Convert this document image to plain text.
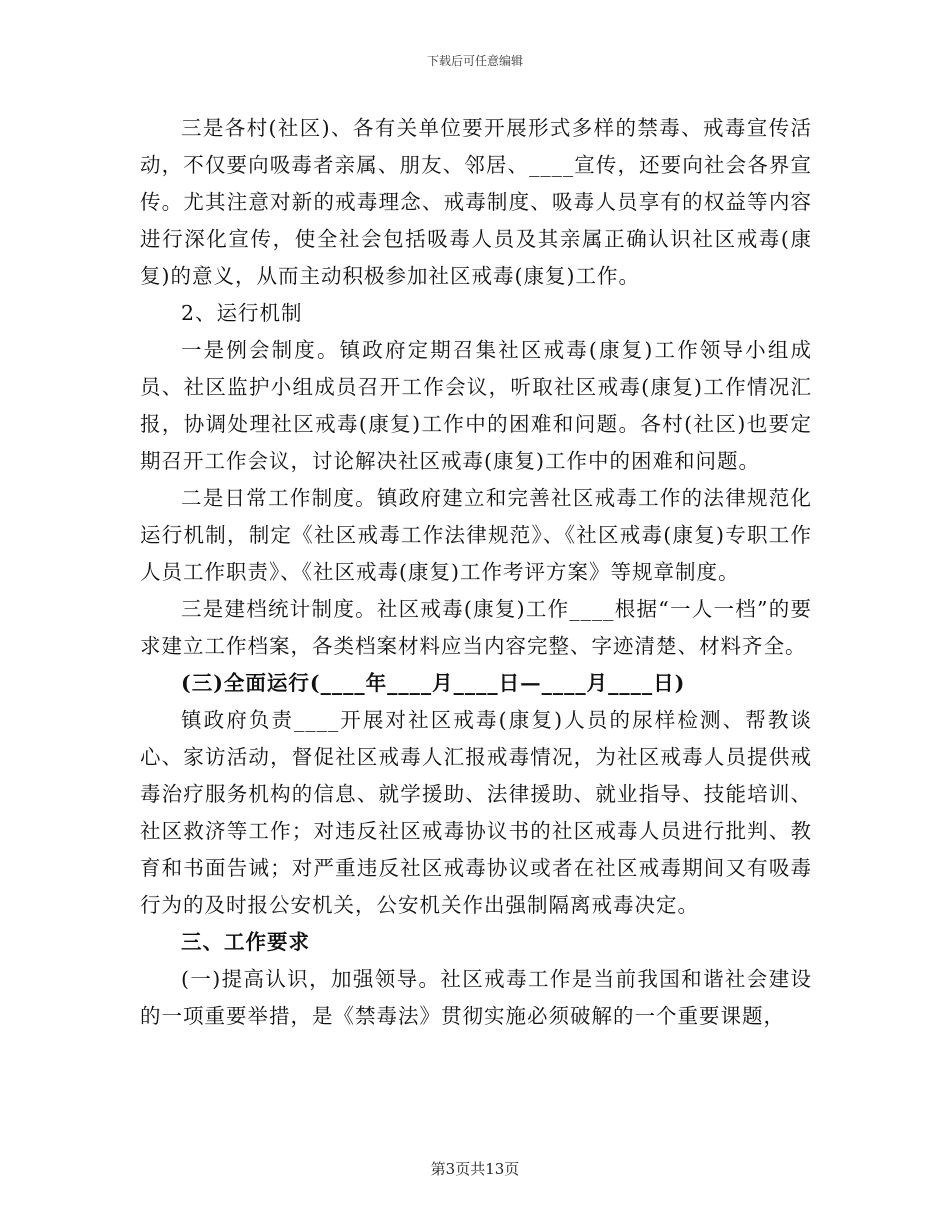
下载后可任意编辑

三是各村(社区)、各有关单位要开展形式多样的禁毒、戒毒宣传活动，不仅要向吸毒者亲属、朋友、邻居、____宣传，还要向社会各界宣传。尤其注意对新的戒毒理念、戒毒制度、吸毒人员享有的权益等内容进行深化宣传，使全社会包括吸毒人员及其亲属正确认识社区戒毒(康复)的意义，从而主动积极参加社区戒毒(康复)工作。

2、运行机制

一是例会制度。镇政府定期召集社区戒毒(康复)工作领导小组成员、社区监护小组成员召开工作会议，听取社区戒毒(康复)工作情况汇报，协调处理社区戒毒(康复)工作中的困难和问题。各村(社区)也要定期召开工作会议，讨论解决社区戒毒(康复)工作中的困难和问题。

二是日常工作制度。镇政府建立和完善社区戒毒工作的法律规范化运行机制，制定《社区戒毒工作法律规范》、《社区戒毒(康复)专职工作人员工作职责》、《社区戒毒(康复)工作考评方案》等规章制度。

三是建档统计制度。社区戒毒(康复)工作____根据“一人一档”的要求建立工作档案，各类档案材料应当内容完整、字迹清楚、材料齐全。

(三)全面运行(____年____月____日—____月____日)

镇政府负责____开展对社区戒毒(康复)人员的尿样检测、帮教谈心、家访活动，督促社区戒毒人汇报戒毒情况，为社区戒毒人员提供戒毒治疗服务机构的信息、就学援助、法律援助、就业指导、技能培训、社区救济等工作；对违反社区戒毒协议书的社区戒毒人员进行批判、教育和书面告诫；对严重违反社区戒毒协议或者在社区戒毒期间又有吸毒行为的及时报公安机关，公安机关作出强制隔离戒毒决定。

三、工作要求

(一)提高认识，加强领导。社区戒毒工作是当前我国和谐社会建设的一项重要举措，是《禁毒法》贯彻实施必须破解的一个重要课题，

第3页共13页
